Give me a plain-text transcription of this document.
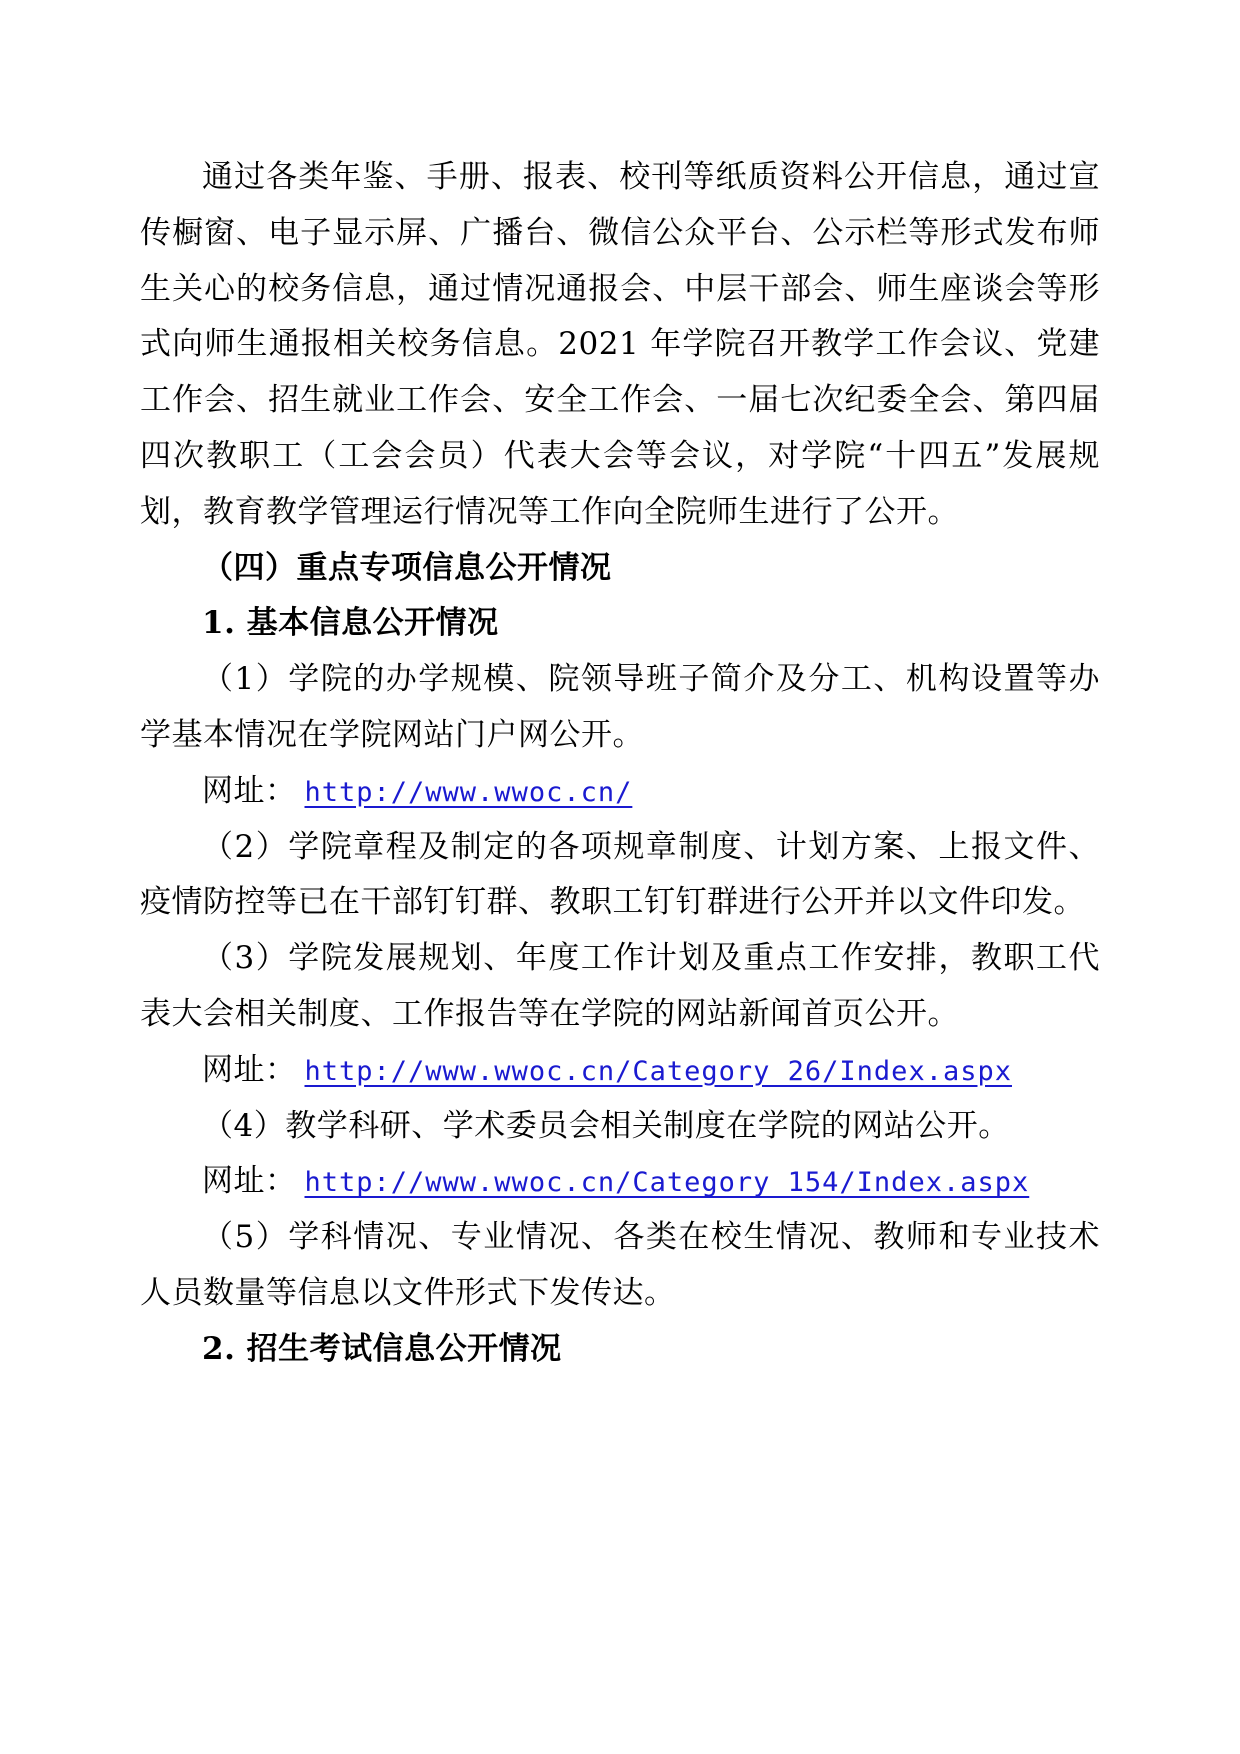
通过各类年鉴、手册、报表、校刊等纸质资料公开信息，通过宣传橱窗、电子显示屏、广播台、微信公众平台、公示栏等形式发布师生关心的校务信息，通过情况通报会、中层干部会、师生座谈会等形式向师生通报相关校务信息。2021 年学院召开教学工作会议、党建工作会、招生就业工作会、安全工作会、一届七次纪委全会、第四届四次教职工（工会会员）代表大会等会议，对学院“十四五”发展规划，教育教学管理运行情况等工作向全院师生进行了公开。

（四）重点专项信息公开情况

1. 基本信息公开情况

（1）学院的办学规模、院领导班子简介及分工、机构设置等办学基本情况在学院网站门户网公开。

网址： http://www.wwoc.cn/

（2）学院章程及制定的各项规章制度、计划方案、上报文件、疫情防控等已在干部钉钉群、教职工钉钉群进行公开并以文件印发。

（3）学院发展规划、年度工作计划及重点工作安排，教职工代表大会相关制度、工作报告等在学院的网站新闻首页公开。

网址： http://www.wwoc.cn/Category_26/Index.aspx

（4）教学科研、学术委员会相关制度在学院的网站公开。

网址： http://www.wwoc.cn/Category_154/Index.aspx

（5）学科情况、专业情况、各类在校生情况、教师和专业技术人员数量等信息以文件形式下发传达。

2. 招生考试信息公开情况
